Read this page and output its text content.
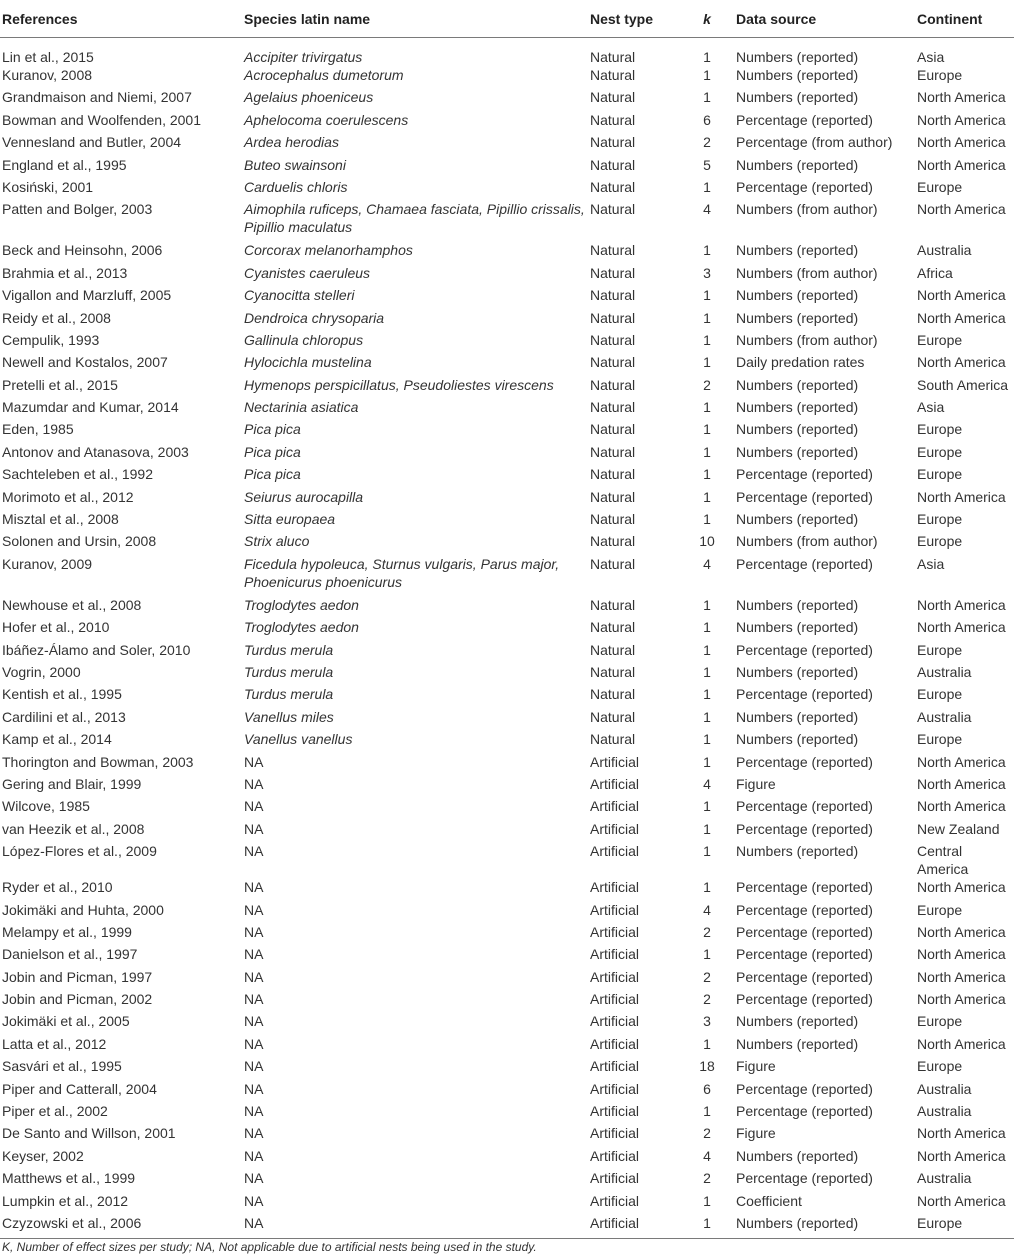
References	Species latin name	Nest type	k	Data source	Continent
Lin et al., 2015	Accipiter trivirgatus	Natural	1	Numbers (reported)	Asia
Kuranov, 2008	Acrocephalus dumetorum	Natural	1	Numbers (reported)	Europe
Grandmaison and Niemi, 2007	Agelaius phoeniceus	Natural	1	Numbers (reported)	North America
Bowman and Woolfenden, 2001	Aphelocoma coerulescens	Natural	6	Percentage (reported)	North America
Vennesland and Butler, 2004	Ardea herodias	Natural	2	Percentage (from author)	North America
England et al., 1995	Buteo swainsoni	Natural	5	Numbers (reported)	North America
Kosiński, 2001	Carduelis chloris	Natural	1	Percentage (reported)	Europe
Patten and Bolger, 2003	Aimophila ruficeps, Chamaea fasciata, Pipillio crissalis, Pipillio maculatus	Natural	4	Numbers (from author)	North America
Beck and Heinsohn, 2006	Corcorax melanorhamphos	Natural	1	Numbers (reported)	Australia
Brahmia et al., 2013	Cyanistes caeruleus	Natural	3	Numbers (from author)	Africa
Vigallon and Marzluff, 2005	Cyanocitta stelleri	Natural	1	Numbers (reported)	North America
Reidy et al., 2008	Dendroica chrysoparia	Natural	1	Numbers (reported)	North America
Cempulik, 1993	Gallinula chloropus	Natural	1	Numbers (from author)	Europe
Newell and Kostalos, 2007	Hylocichla mustelina	Natural	1	Daily predation rates	North America
Pretelli et al., 2015	Hymenops perspicillatus, Pseudoliestes virescens	Natural	2	Numbers (reported)	South America
Mazumdar and Kumar, 2014	Nectarinia asiatica	Natural	1	Numbers (reported)	Asia
Eden, 1985	Pica pica	Natural	1	Numbers (reported)	Europe
Antonov and Atanasova, 2003	Pica pica	Natural	1	Numbers (reported)	Europe
Sachteleben et al., 1992	Pica pica	Natural	1	Percentage (reported)	Europe
Morimoto et al., 2012	Seiurus aurocapilla	Natural	1	Percentage (reported)	North America
Misztal et al., 2008	Sitta europaea	Natural	1	Numbers (reported)	Europe
Solonen and Ursin, 2008	Strix aluco	Natural	10	Numbers (from author)	Europe
Kuranov, 2009	Ficedula hypoleuca, Sturnus vulgaris, Parus major, Phoenicurus phoenicurus	Natural	4	Percentage (reported)	Asia
Newhouse et al., 2008	Troglodytes aedon	Natural	1	Numbers (reported)	North America
Hofer et al., 2010	Troglodytes aedon	Natural	1	Numbers (reported)	North America
Ibáñez-Álamo and Soler, 2010	Turdus merula	Natural	1	Percentage (reported)	Europe
Vogrin, 2000	Turdus merula	Natural	1	Numbers (reported)	Australia
Kentish et al., 1995	Turdus merula	Natural	1	Percentage (reported)	Europe
Cardilini et al., 2013	Vanellus miles	Natural	1	Numbers (reported)	Australia
Kamp et al., 2014	Vanellus vanellus	Natural	1	Numbers (reported)	Europe
Thorington and Bowman, 2003	NA	Artificial	1	Percentage (reported)	North America
Gering and Blair, 1999	NA	Artificial	4	Figure	North America
Wilcove, 1985	NA	Artificial	1	Percentage (reported)	North America
van Heezik et al., 2008	NA	Artificial	1	Percentage (reported)	New Zealand
López-Flores et al., 2009	NA	Artificial	1	Numbers (reported)	Central America
Ryder et al., 2010	NA	Artificial	1	Percentage (reported)	North America
Jokimäki and Huhta, 2000	NA	Artificial	4	Percentage (reported)	Europe
Melampy et al., 1999	NA	Artificial	2	Percentage (reported)	North America
Danielson et al., 1997	NA	Artificial	1	Percentage (reported)	North America
Jobin and Picman, 1997	NA	Artificial	2	Percentage (reported)	North America
Jobin and Picman, 2002	NA	Artificial	2	Percentage (reported)	North America
Jokimäki et al., 2005	NA	Artificial	3	Numbers (reported)	Europe
Latta et al., 2012	NA	Artificial	1	Numbers (reported)	North America
Sasvári et al., 1995	NA	Artificial	18	Figure	Europe
Piper and Catterall, 2004	NA	Artificial	6	Percentage (reported)	Australia
Piper et al., 2002	NA	Artificial	1	Percentage (reported)	Australia
De Santo and Willson, 2001	NA	Artificial	2	Figure	North America
Keyser, 2002	NA	Artificial	4	Numbers (reported)	North America
Matthews et al., 1999	NA	Artificial	2	Percentage (reported)	Australia
Lumpkin et al., 2012	NA	Artificial	1	Coefficient	North America
Czyzowski et al., 2006	NA	Artificial	1	Numbers (reported)	Europe
K, Number of effect sizes per study; NA, Not applicable due to artificial nests being used in the study.
